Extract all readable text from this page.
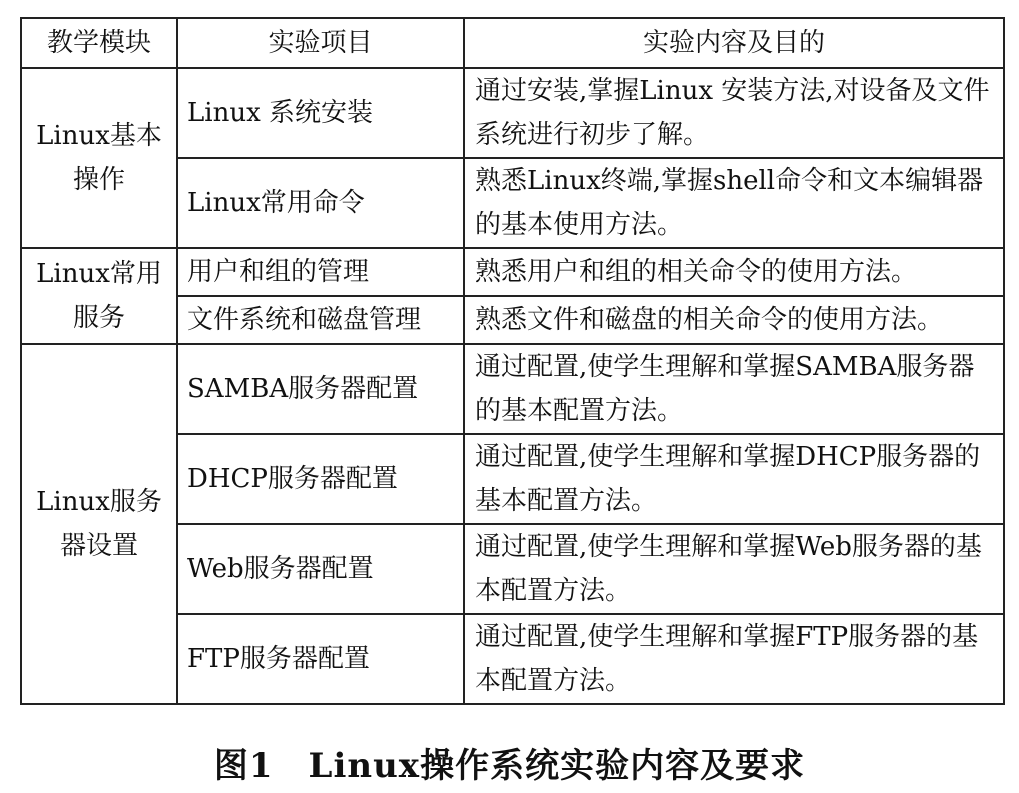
教学模块	实验项目	实验内容及目的
Linux基本操作	Linux 系统安装	通过安装,掌握Linux 安装方法,对设备及文件系统进行初步了解。
	Linux常用命令	熟悉Linux终端,掌握shell命令和文本编辑器的基本使用方法。
Linux常用服务	用户和组的管理	熟悉用户和组的相关命令的使用方法。
	文件系统和磁盘管理	熟悉文件和磁盘的相关命令的使用方法。
Linux服务器设置	SAMBA服务器配置	通过配置,使学生理解和掌握SAMBA服务器的基本配置方法。
	DHCP服务器配置	通过配置,使学生理解和掌握DHCP服务器的基本配置方法。
	Web服务器配置	通过配置,使学生理解和掌握Web服务器的基本配置方法。
	FTP服务器配置	通过配置,使学生理解和掌握FTP服务器的基本配置方法。
图1　Linux操作系统实验内容及要求
